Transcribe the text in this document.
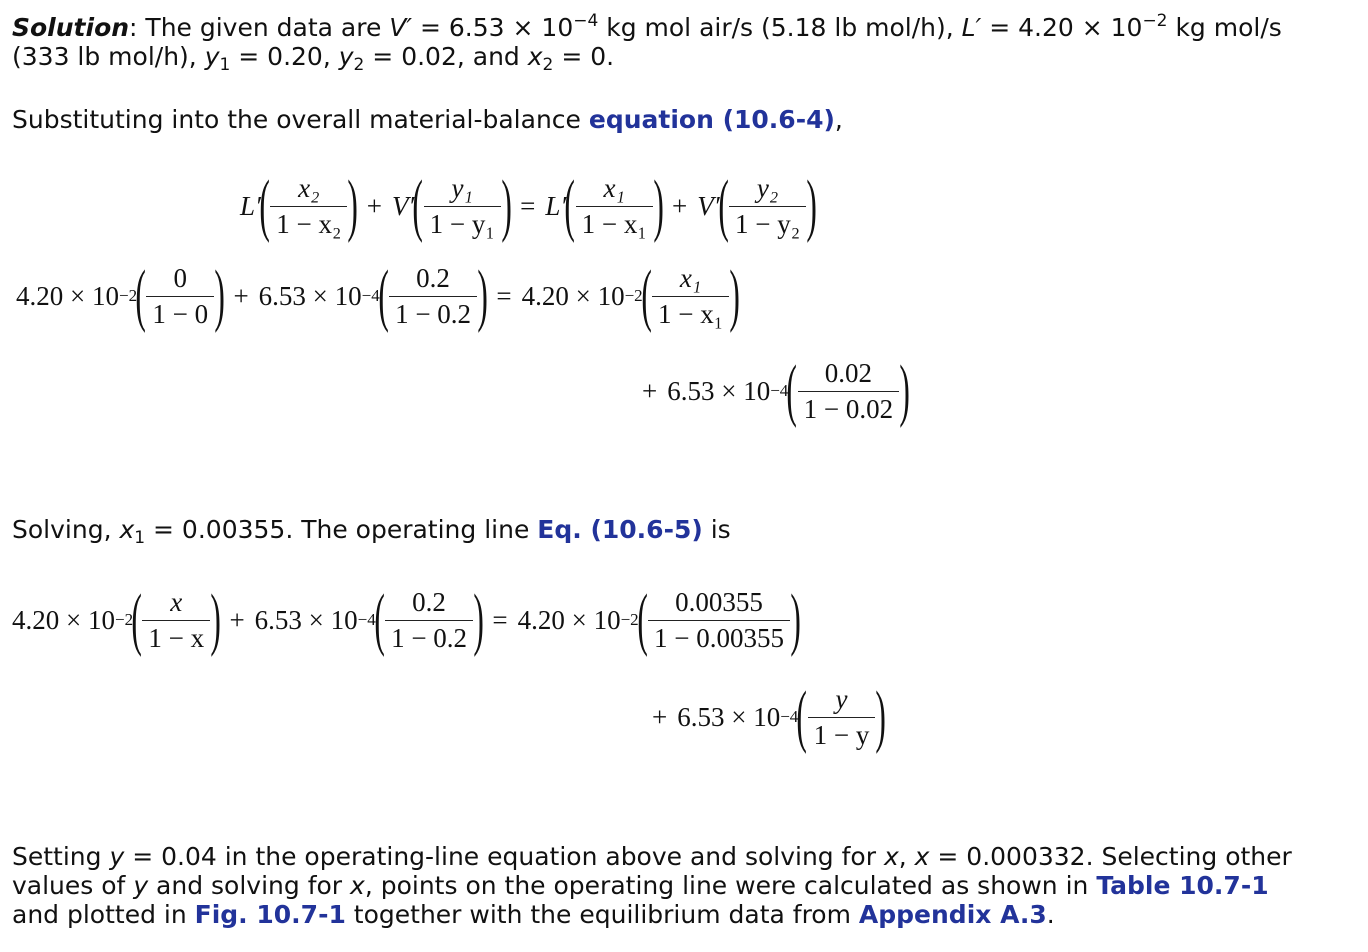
Solution: The given data are $V' = 6.53 \times 10^{-4}$ kg mol air/s (5.18 lb mol/h), $L' = 4.20 \times 10^{-2}$ kg mol/s
(333 lb mol/h), $y_1 = 0.20$, $y_2 = 0.02$, and $x_2 = 0$.
Substituting into the overall material-balance equation (10.6-4),
L′
( $\frac{\text{x₂}}{\text{1 − x₂}}$ ) + V′
( $\frac{\text{y₁}}{\text{1 − y₁}}$ ) = L′
( $\frac{\text{x₁}}{\text{1 − x₁}}$ ) + V′
( $\frac{\text{y₂}}{\text{1 − y₂}}$ )
4.20 × 10 −2
( $\frac{0}{1 - 0}$ ) + 6.53 × 10 −4
( $\frac{0.2}{1 - 0.2}$ ) = 4.20 × 10 −2
( $\frac{\text{x₁}}{\text{1 − x₁}}$ )
+ 6.53 × 10 −4
( $\frac{0.02}{1 - 0.02}$ )
Solving, $x_1 = 0.00355$. The operating line Eq. (10.6-5) is
4.20 × 10 −2
( $\frac{x}{1 - x}$ ) + 6.53 × 10 −4
( $\frac{0.2}{1 - 0.2}$ ) = 4.20 × 10 −2
( $\frac{0.00355}{1 - 0.00355}$ )
+ 6.53 × 10 −4
( $\frac{y}{1 - y}$ )
Setting y = 0.04 in the operating-line equation above and solving for x, x = 0.000332. Selecting other
values of y and solving for x, points on the operating line were calculated as shown in Table 10.7-1
and plotted in Fig. 10.7-1 together with the equilibrium data from Appendix A.3.
